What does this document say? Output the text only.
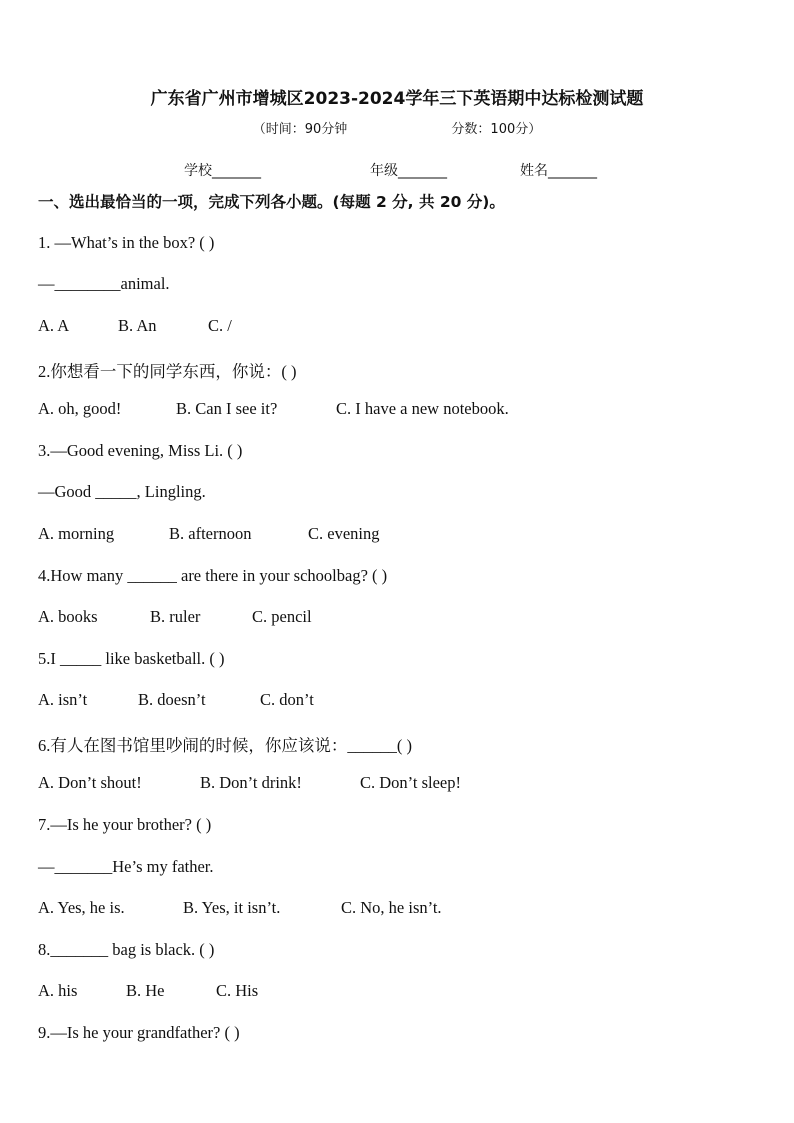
广东省广州市增城区2023-2024学年三下英语期中达标检测试题
（时间：90分钟	分数：100分）
学校_______	年级_______	姓名_______
一、选出最恰当的一项，完成下列各小题。(每题 2 分, 共 20 分)。
1. —What’s in the box? ( )
—________animal.
A. A	B. An	C. /
2.你想看一下的同学东西，你说：( )
A. oh, good!	B. Can I see it?	C. I have a new notebook.
3.—Good evening, Miss Li. ( )
—Good _____, Lingling.
A. morning	B. afternoon	C. evening
4.How many ______ are there in your schoolbag? ( )
A. books	B. ruler	C. pencil
5.I _____ like basketball. ( )
A. isn’t	B. doesn’t	C. don’t
6.有人在图书馆里吵闹的时候，你应该说：______( )
A. Don’t shout!	B. Don’t drink!	C. Don’t sleep!
7.—Is he your brother? ( )
—_______He’s my father.
A. Yes, he is.	B. Yes, it isn’t.	C. No, he isn’t.
8._______ bag is black. ( )
A. his	B. He	C. His
9.—Is he your grandfather? ( )
